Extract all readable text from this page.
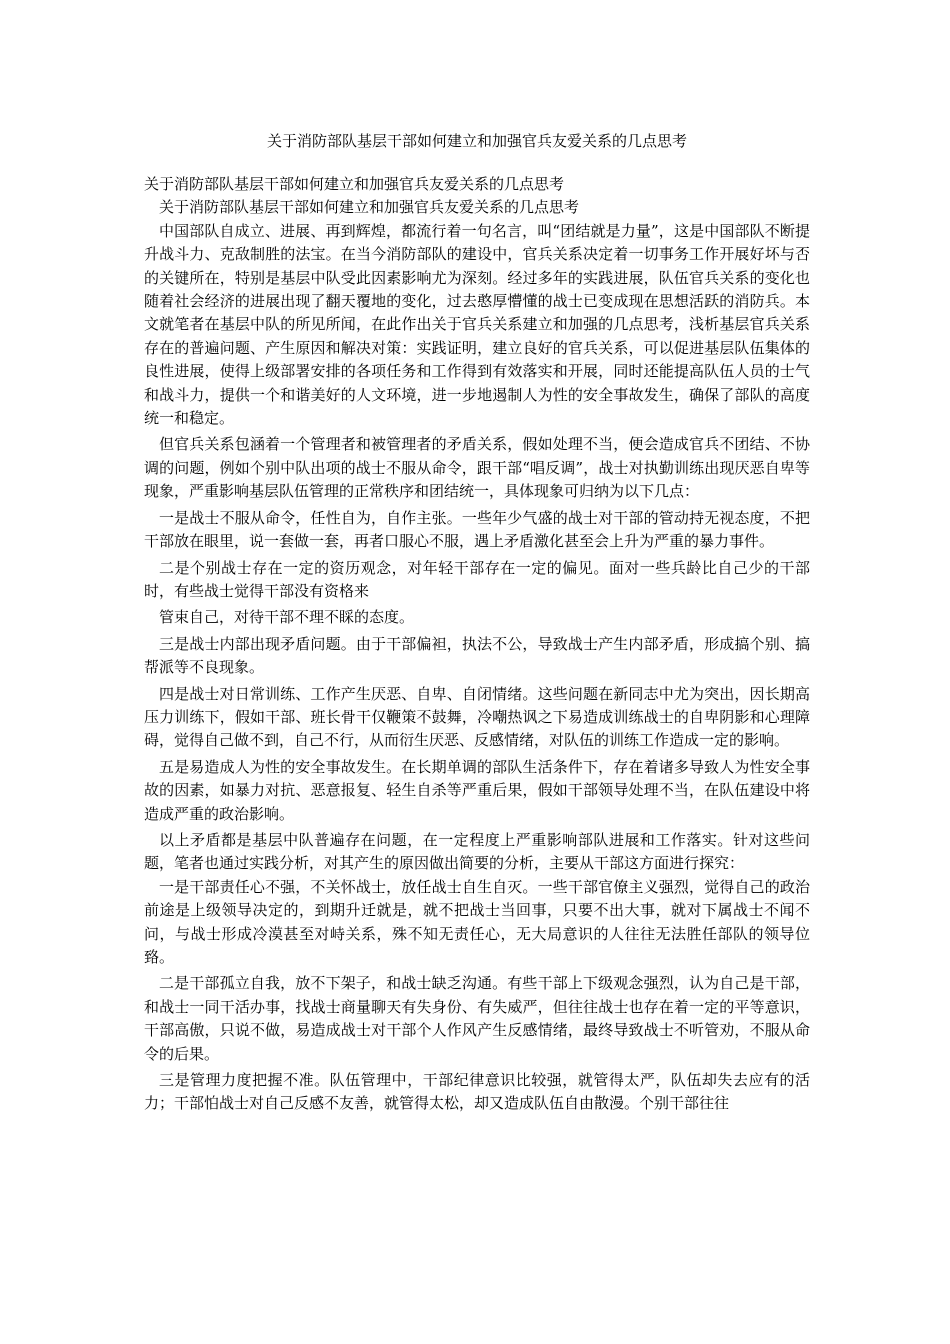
关于消防部队基层干部如何建立和加强官兵友爱关系的几点思考

关于消防部队基层干部如何建立和加强官兵友爱关系的几点思考

关于消防部队基层干部如何建立和加强官兵友爱关系的几点思考

中国部队自成立、进展、再到辉煌，都流行着一句名言，叫“团结就是力量”，这是中国部队不断提升战斗力、克敌制胜的法宝。在当今消防部队的建设中，官兵关系决定着一切事务工作开展好坏与否的关键所在，特别是基层中队受此因素影响尤为深刻。经过多年的实践进展，队伍官兵关系的变化也随着社会经济的进展出现了翻天覆地的变化，过去憨厚懵懂的战士已变成现在思想活跃的消防兵。本文就笔者在基层中队的所见所闻，在此作出关于官兵关系建立和加强的几点思考，浅析基层官兵关系存在的普遍问题、产生原因和解决对策：实践证明，建立良好的官兵关系，可以促进基层队伍集体的良性进展，使得上级部署安排的各项任务和工作得到有效落实和开展，同时还能提高队伍人员的士气和战斗力，提供一个和谐美好的人文环境，进一步地遏制人为性的安全事故发生，确保了部队的高度统一和稳定。

但官兵关系包涵着一个管理者和被管理者的矛盾关系，假如处理不当，便会造成官兵不团结、不协调的问题，例如个别中队出项的战士不服从命令，跟干部“唱反调”，战士对执勤训练出现厌恶自卑等现象，严重影响基层队伍管理的正常秩序和团结统一，具体现象可归纳为以下几点：

一是战士不服从命令，任性自为，自作主张。一些年少气盛的战士对干部的管动持无视态度，不把干部放在眼里，说一套做一套，再者口服心不服，遇上矛盾激化甚至会上升为严重的暴力事件。

二是个别战士存在一定的资历观念，对年轻干部存在一定的偏见。面对一些兵龄比自己少的干部时，有些战士觉得干部没有资格来

管束自己，对待干部不理不睬的态度。

三是战士内部出现矛盾问题。由于干部偏袒，执法不公，导致战士产生内部矛盾，形成搞个别、搞帮派等不良现象。

四是战士对日常训练、工作产生厌恶、自卑、自闭情绪。这些问题在新同志中尤为突出，因长期高压力训练下，假如干部、班长骨干仅鞭策不鼓舞，冷嘲热讽之下易造成训练战士的自卑阴影和心理障碍，觉得自己做不到，自己不行，从而衍生厌恶、反感情绪，对队伍的训练工作造成一定的影响。

五是易造成人为性的安全事故发生。在长期单调的部队生活条件下，存在着诸多导致人为性安全事故的因素，如暴力对抗、恶意报复、轻生自杀等严重后果，假如干部领导处理不当，在队伍建设中将造成严重的政治影响。

以上矛盾都是基层中队普遍存在问题，在一定程度上严重影响部队进展和工作落实。针对这些问题，笔者也通过实践分析，对其产生的原因做出简要的分析，主要从干部这方面进行探究：

一是干部责任心不强，不关怀战士，放任战士自生自灭。一些干部官僚主义强烈，觉得自己的政治前途是上级领导决定的，到期升迁就是，就不把战士当回事，只要不出大事，就对下属战士不闻不问，与战士形成冷漠甚至对峙关系，殊不知无责任心，无大局意识的人往往无法胜任部队的领导位臵。

二是干部孤立自我，放不下架子，和战士缺乏沟通。有些干部上下级观念强烈，认为自己是干部，和战士一同干活办事，找战士商量聊天有失身份、有失威严，但往往战士也存在着一定的平等意识，干部高傲，只说不做，易造成战士对干部个人作风产生反感情绪，最终导致战士不听管劝，不服从命令的后果。

三是管理力度把握不准。队伍管理中，干部纪律意识比较强，就管得太严，队伍却失去应有的活力；干部怕战士对自己反感不友善，就管得太松，却又造成队伍自由散漫。个别干部往往
